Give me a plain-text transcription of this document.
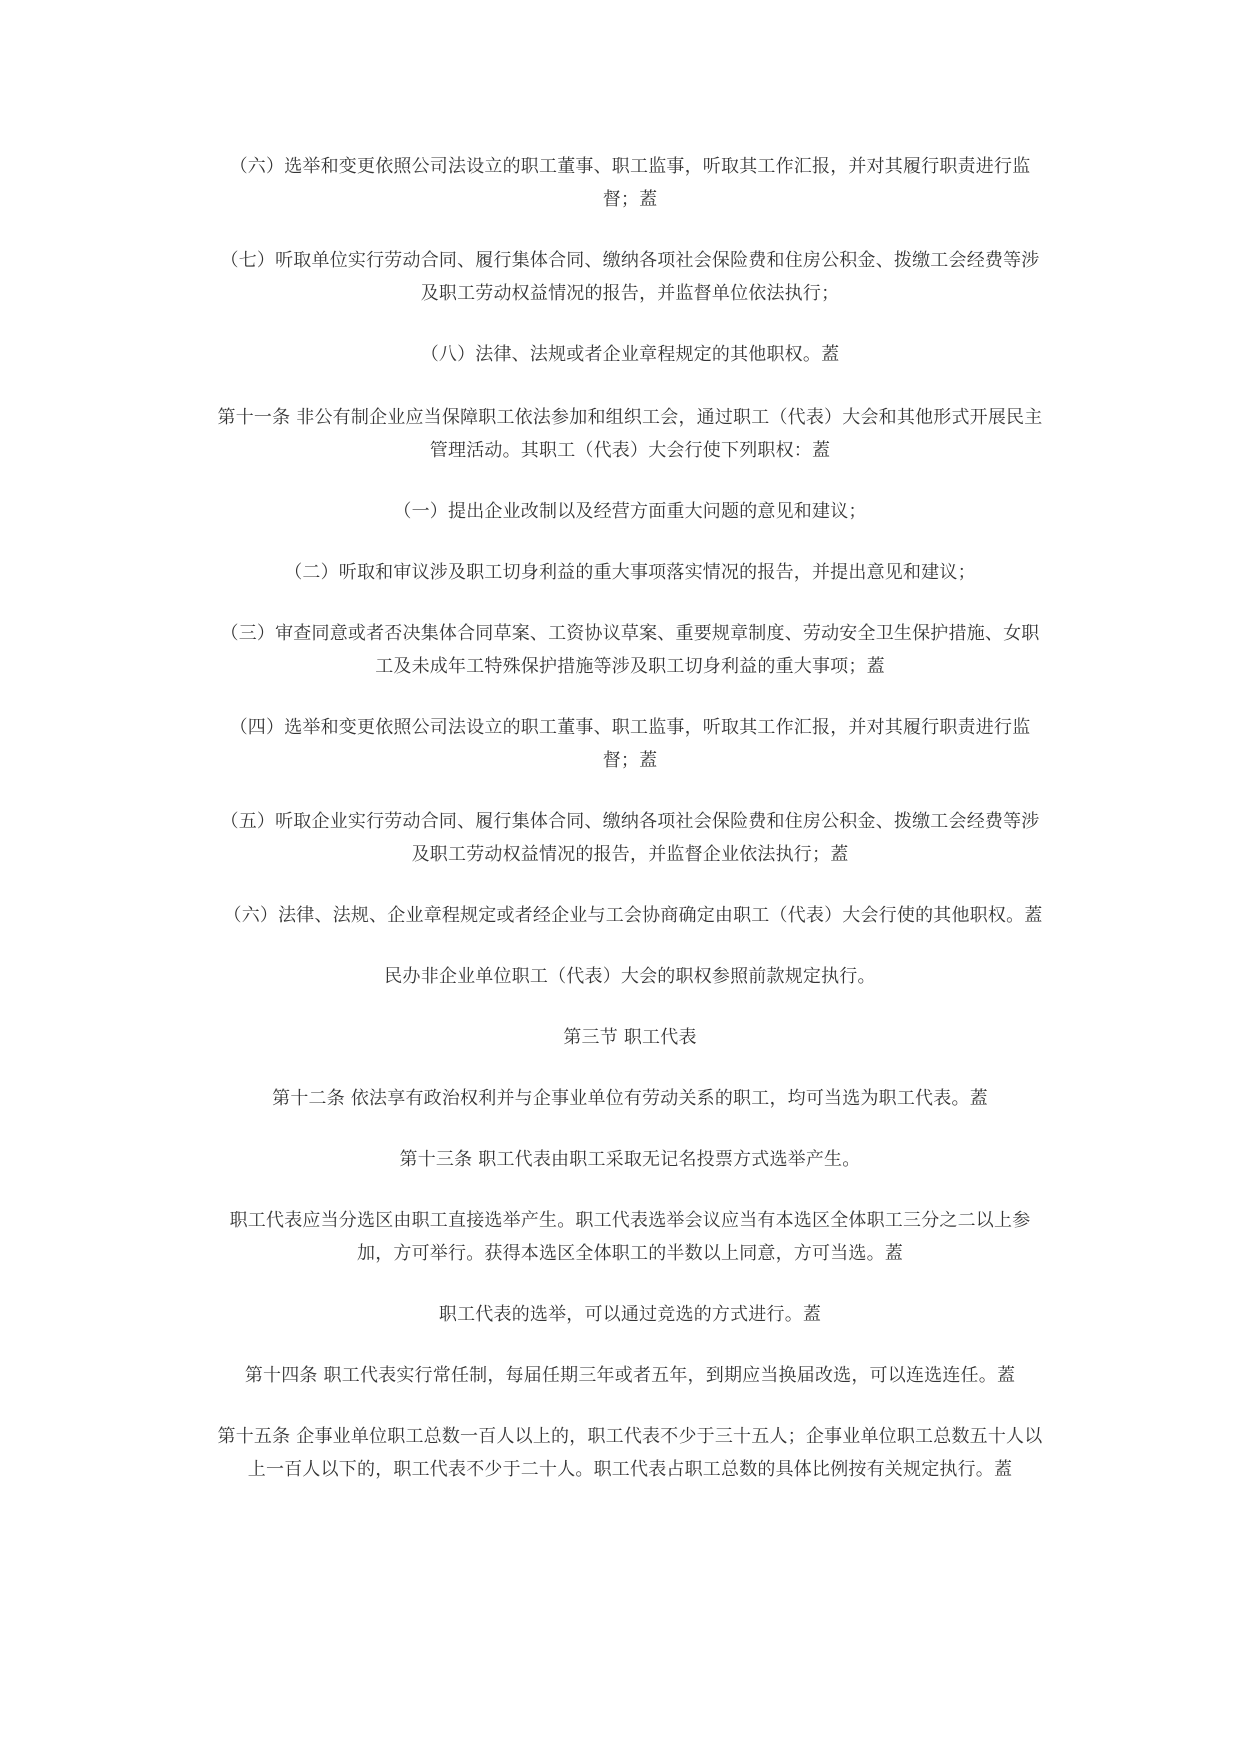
（六）选举和变更依照公司法设立的职工董事、职工监事，听取其工作汇报，并对其履行职责进行监督；蓋

（七）听取单位实行劳动合同、履行集体合同、缴纳各项社会保险费和住房公积金、拨缴工会经费等涉及职工劳动权益情况的报告，并监督单位依法执行；

（八）法律、法规或者企业章程规定的其他职权。蓋

第十一条 非公有制企业应当保障职工依法参加和组织工会，通过职工（代表）大会和其他形式开展民主管理活动。其职工（代表）大会行使下列职权：蓋

（一）提出企业改制以及经营方面重大问题的意见和建议；

（二）听取和审议涉及职工切身利益的重大事项落实情况的报告，并提出意见和建议；

（三）审查同意或者否决集体合同草案、工资协议草案、重要规章制度、劳动安全卫生保护措施、女职工及未成年工特殊保护措施等涉及职工切身利益的重大事项；蓋

（四）选举和变更依照公司法设立的职工董事、职工监事，听取其工作汇报，并对其履行职责进行监督；蓋

（五）听取企业实行劳动合同、履行集体合同、缴纳各项社会保险费和住房公积金、拨缴工会经费等涉及职工劳动权益情况的报告，并监督企业依法执行；蓋

（六）法律、法规、企业章程规定或者经企业与工会协商确定由职工（代表）大会行使的其他职权。蓋

民办非企业单位职工（代表）大会的职权参照前款规定执行。

第三节 职工代表

第十二条 依法享有政治权利并与企事业单位有劳动关系的职工，均可当选为职工代表。蓋

第十三条 职工代表由职工采取无记名投票方式选举产生。

职工代表应当分选区由职工直接选举产生。职工代表选举会议应当有本选区全体职工三分之二以上参加，方可举行。获得本选区全体职工的半数以上同意，方可当选。蓋

职工代表的选举，可以通过竞选的方式进行。蓋

第十四条 职工代表实行常任制，每届任期三年或者五年，到期应当换届改选，可以连选连任。蓋

第十五条 企事业单位职工总数一百人以上的，职工代表不少于三十五人；企事业单位职工总数五十人以上一百人以下的，职工代表不少于二十人。职工代表占职工总数的具体比例按有关规定执行。蓋
